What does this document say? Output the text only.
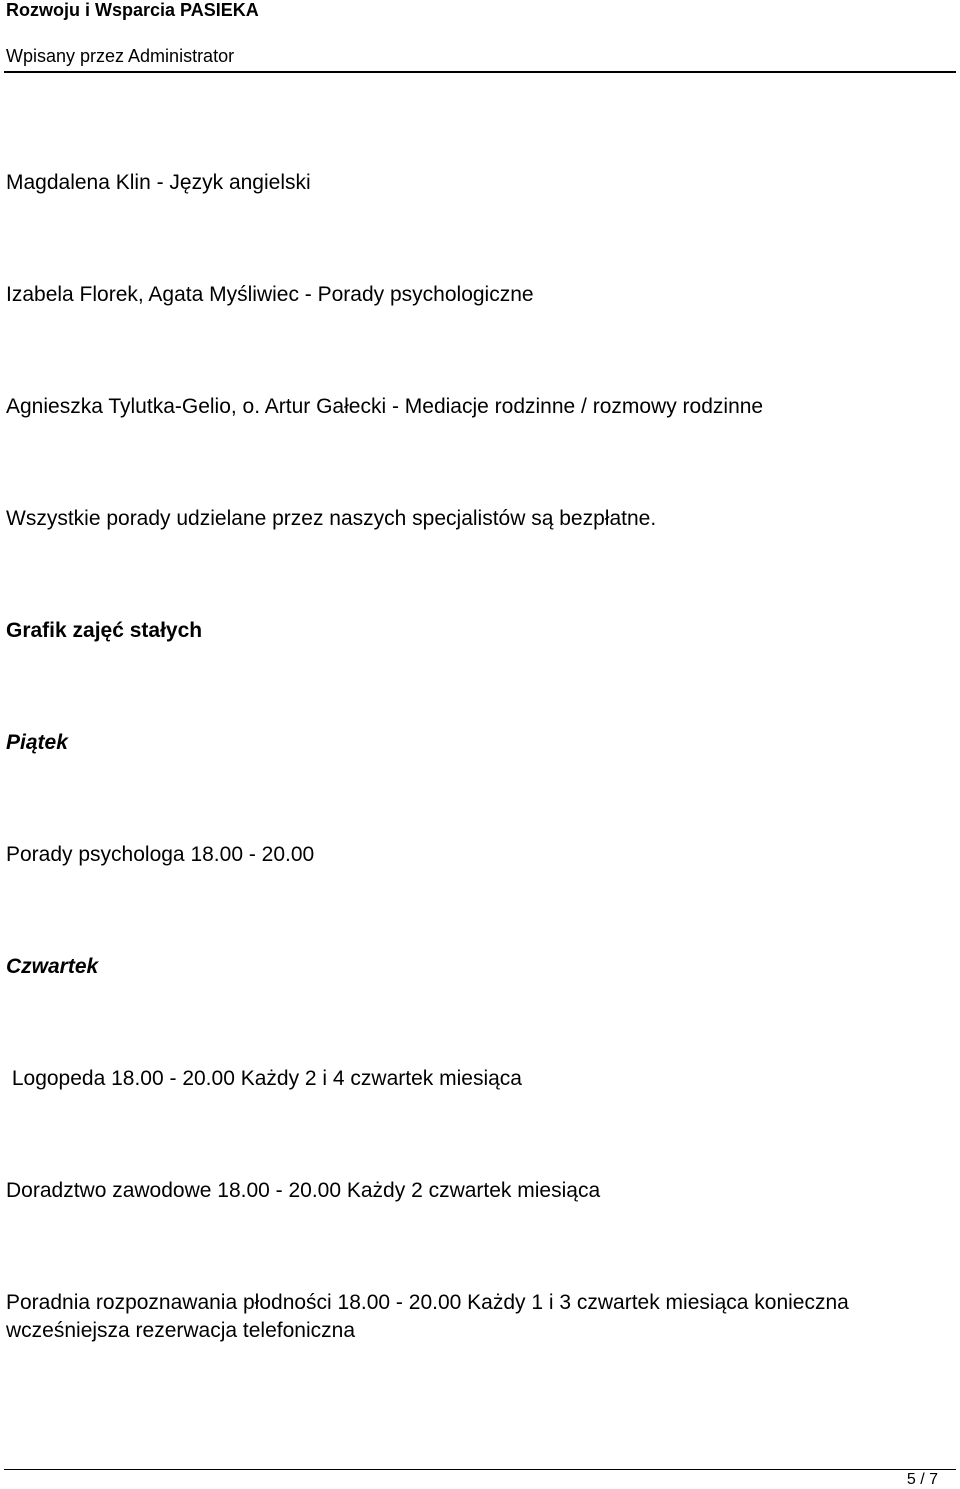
Rozwoju i Wsparcia PASIEKA
Wpisany przez Administrator
Magdalena Klin - Język angielski
Izabela Florek, Agata Myśliwiec - Porady psychologiczne
Agnieszka Tylutka-Gelio, o. Artur Gałecki - Mediacje rodzinne / rozmowy rodzinne
Wszystkie porady udzielane przez naszych specjalistów są bezpłatne.
Grafik zajęć stałych
Piątek
Porady psychologa 18.00 - 20.00
Czwartek
Logopeda 18.00 - 20.00 Każdy 2 i 4 czwartek miesiąca
Doradztwo zawodowe 18.00 - 20.00 Każdy 2 czwartek miesiąca
Poradnia rozpoznawania płodności 18.00 - 20.00 Każdy 1 i 3 czwartek miesiąca konieczna wcześniejsza rezerwacja telefoniczna
5 / 7
